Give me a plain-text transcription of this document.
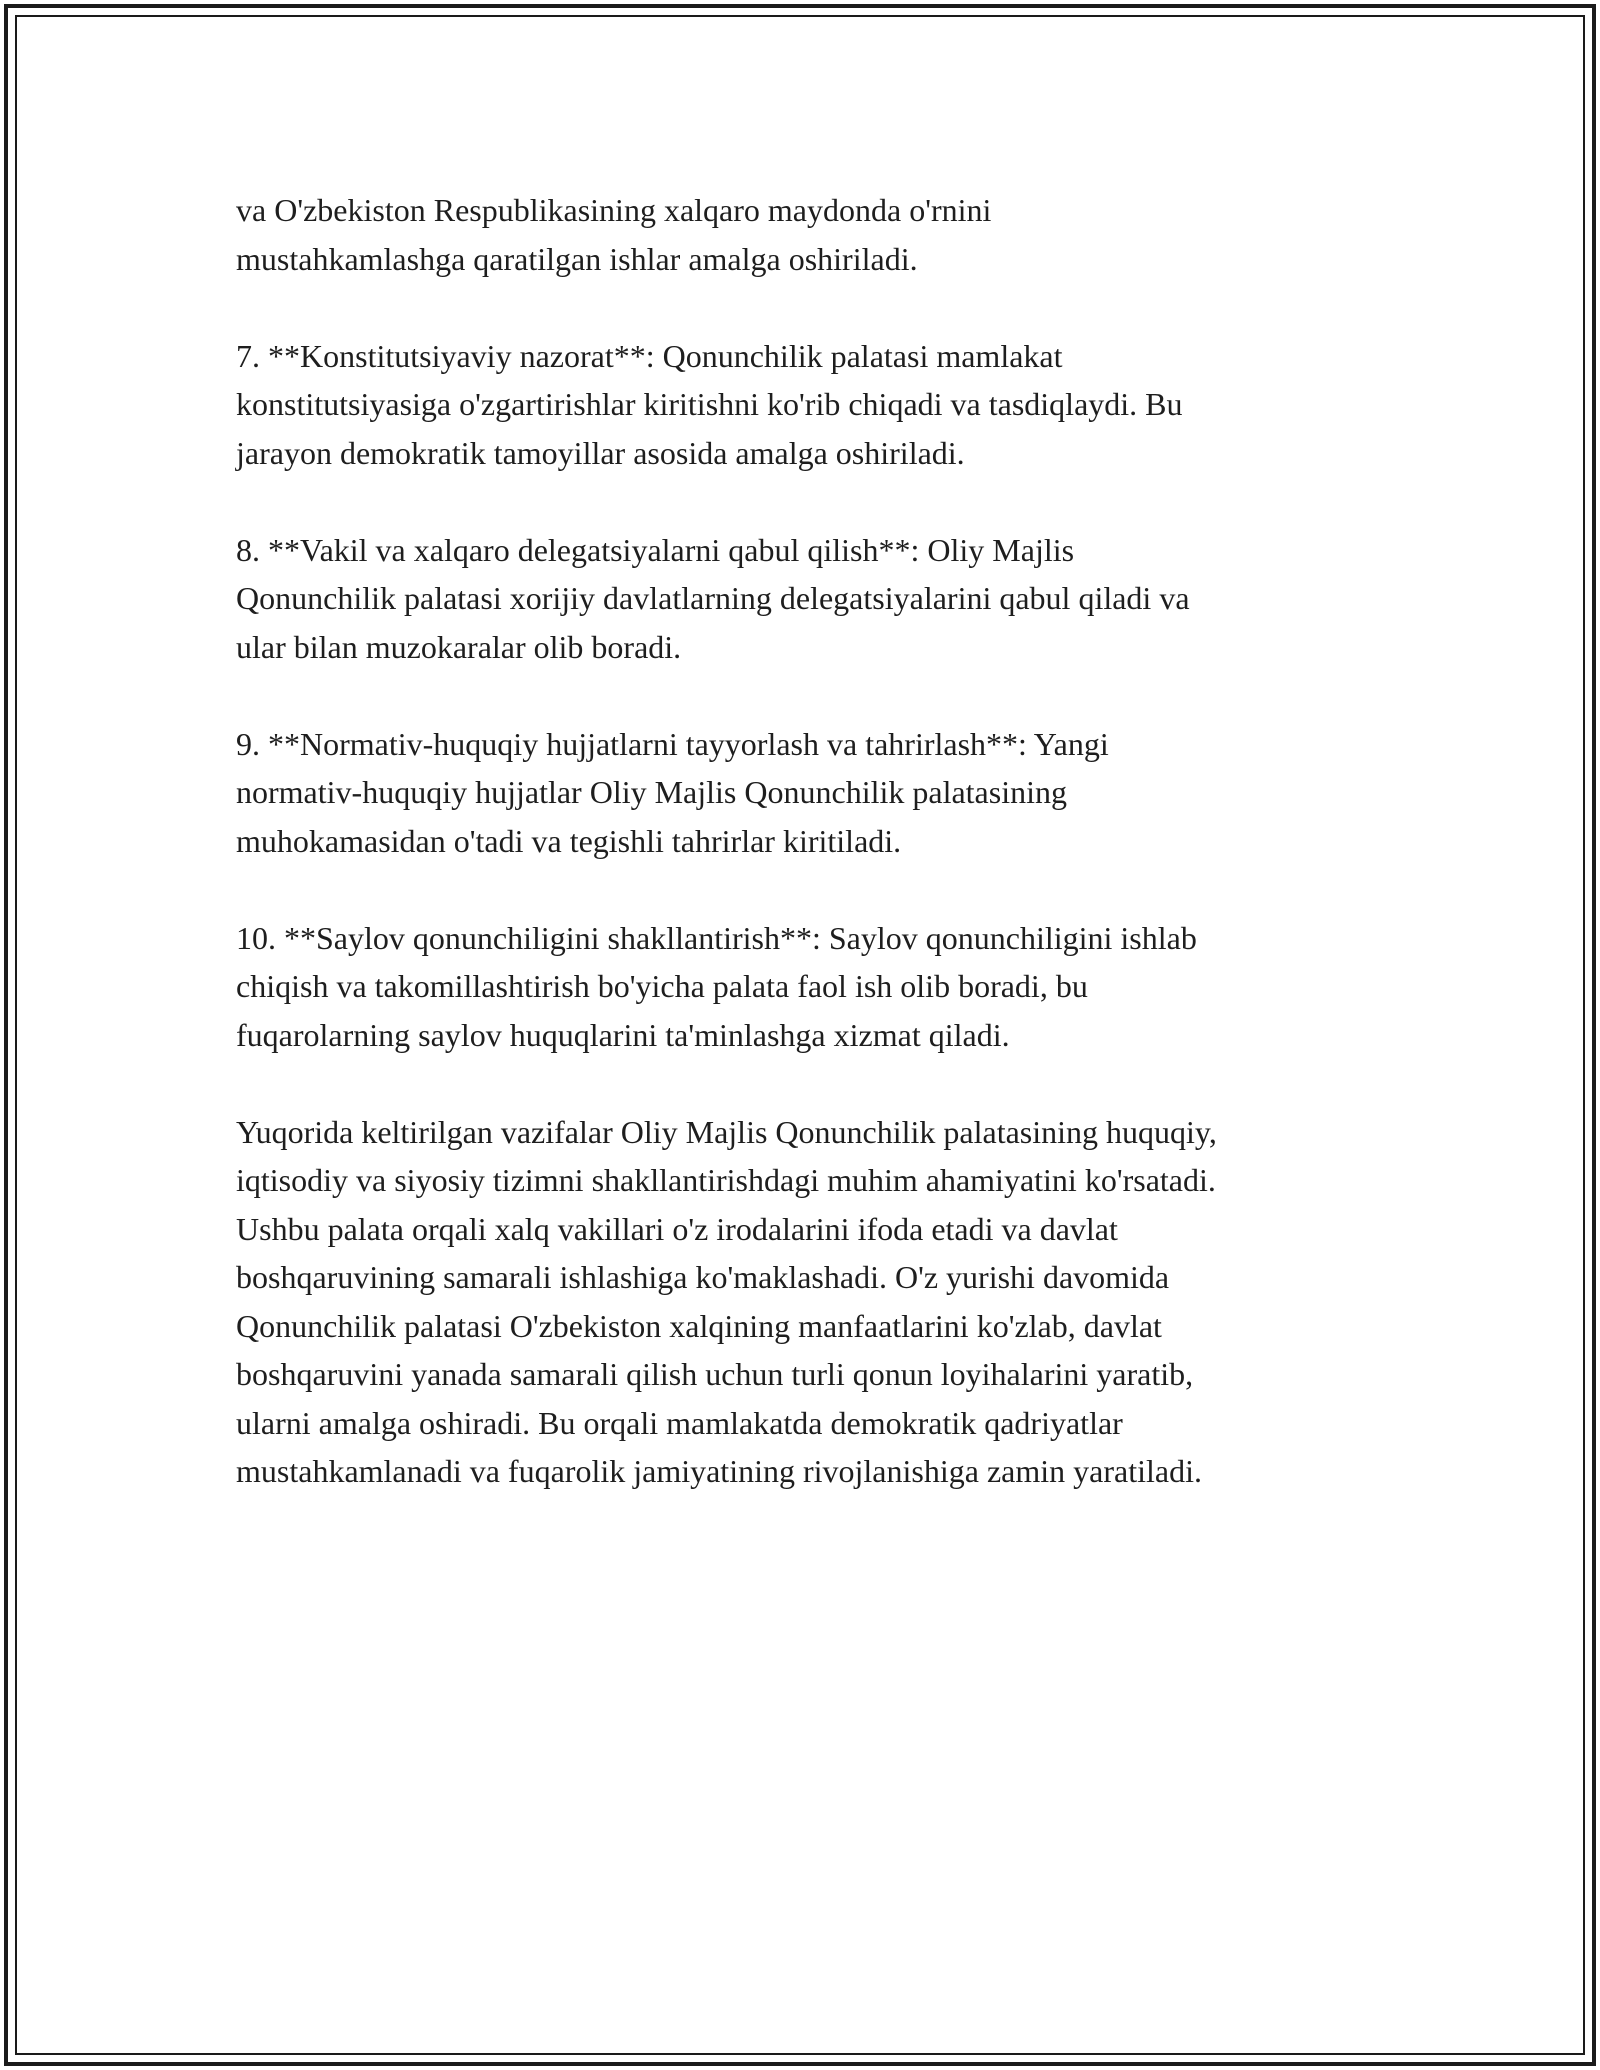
va O'zbekiston Respublikasining xalqaro maydonda o'rnini
mustahkamlashga qaratilgan ishlar amalga oshiriladi.

7. **Konstitutsiyaviy nazorat**: Qonunchilik palatasi mamlakat
konstitutsiyasiga o'zgartirishlar kiritishni ko'rib chiqadi va tasdiqlaydi. Bu
jarayon demokratik tamoyillar asosida amalga oshiriladi.

8. **Vakil va xalqaro delegatsiyalarni qabul qilish**: Oliy Majlis
Qonunchilik palatasi xorijiy davlatlarning delegatsiyalarini qabul qiladi va
ular bilan muzokaralar olib boradi.

9. **Normativ-huquqiy hujjatlarni tayyorlash va tahrirlash**: Yangi
normativ-huquqiy hujjatlar Oliy Majlis Qonunchilik palatasining
muhokamasidan o'tadi va tegishli tahrirlar kiritiladi.

10. **Saylov qonunchiligini shakllantirish**: Saylov qonunchiligini ishlab
chiqish va takomillashtirish bo'yicha palata faol ish olib boradi, bu
fuqarolarning saylov huquqlarini ta'minlashga xizmat qiladi.

Yuqorida keltirilgan vazifalar Oliy Majlis Qonunchilik palatasining huquqiy,
iqtisodiy va siyosiy tizimni shakllantirishdagi muhim ahamiyatini ko'rsatadi.
Ushbu palata orqali xalq vakillari o'z irodalarini ifoda etadi va davlat
boshqaruvining samarali ishlashiga ko'maklashadi. O'z yurishi davomida
Qonunchilik palatasi O'zbekiston xalqining manfaatlarini ko'zlab, davlat
boshqaruvini yanada samarali qilish uchun turli qonun loyihalarini yaratib,
ularni amalga oshiradi. Bu orqali mamlakatda demokratik qadriyatlar
mustahkamlanadi va fuqarolik jamiyatining rivojlanishiga zamin yaratiladi.
